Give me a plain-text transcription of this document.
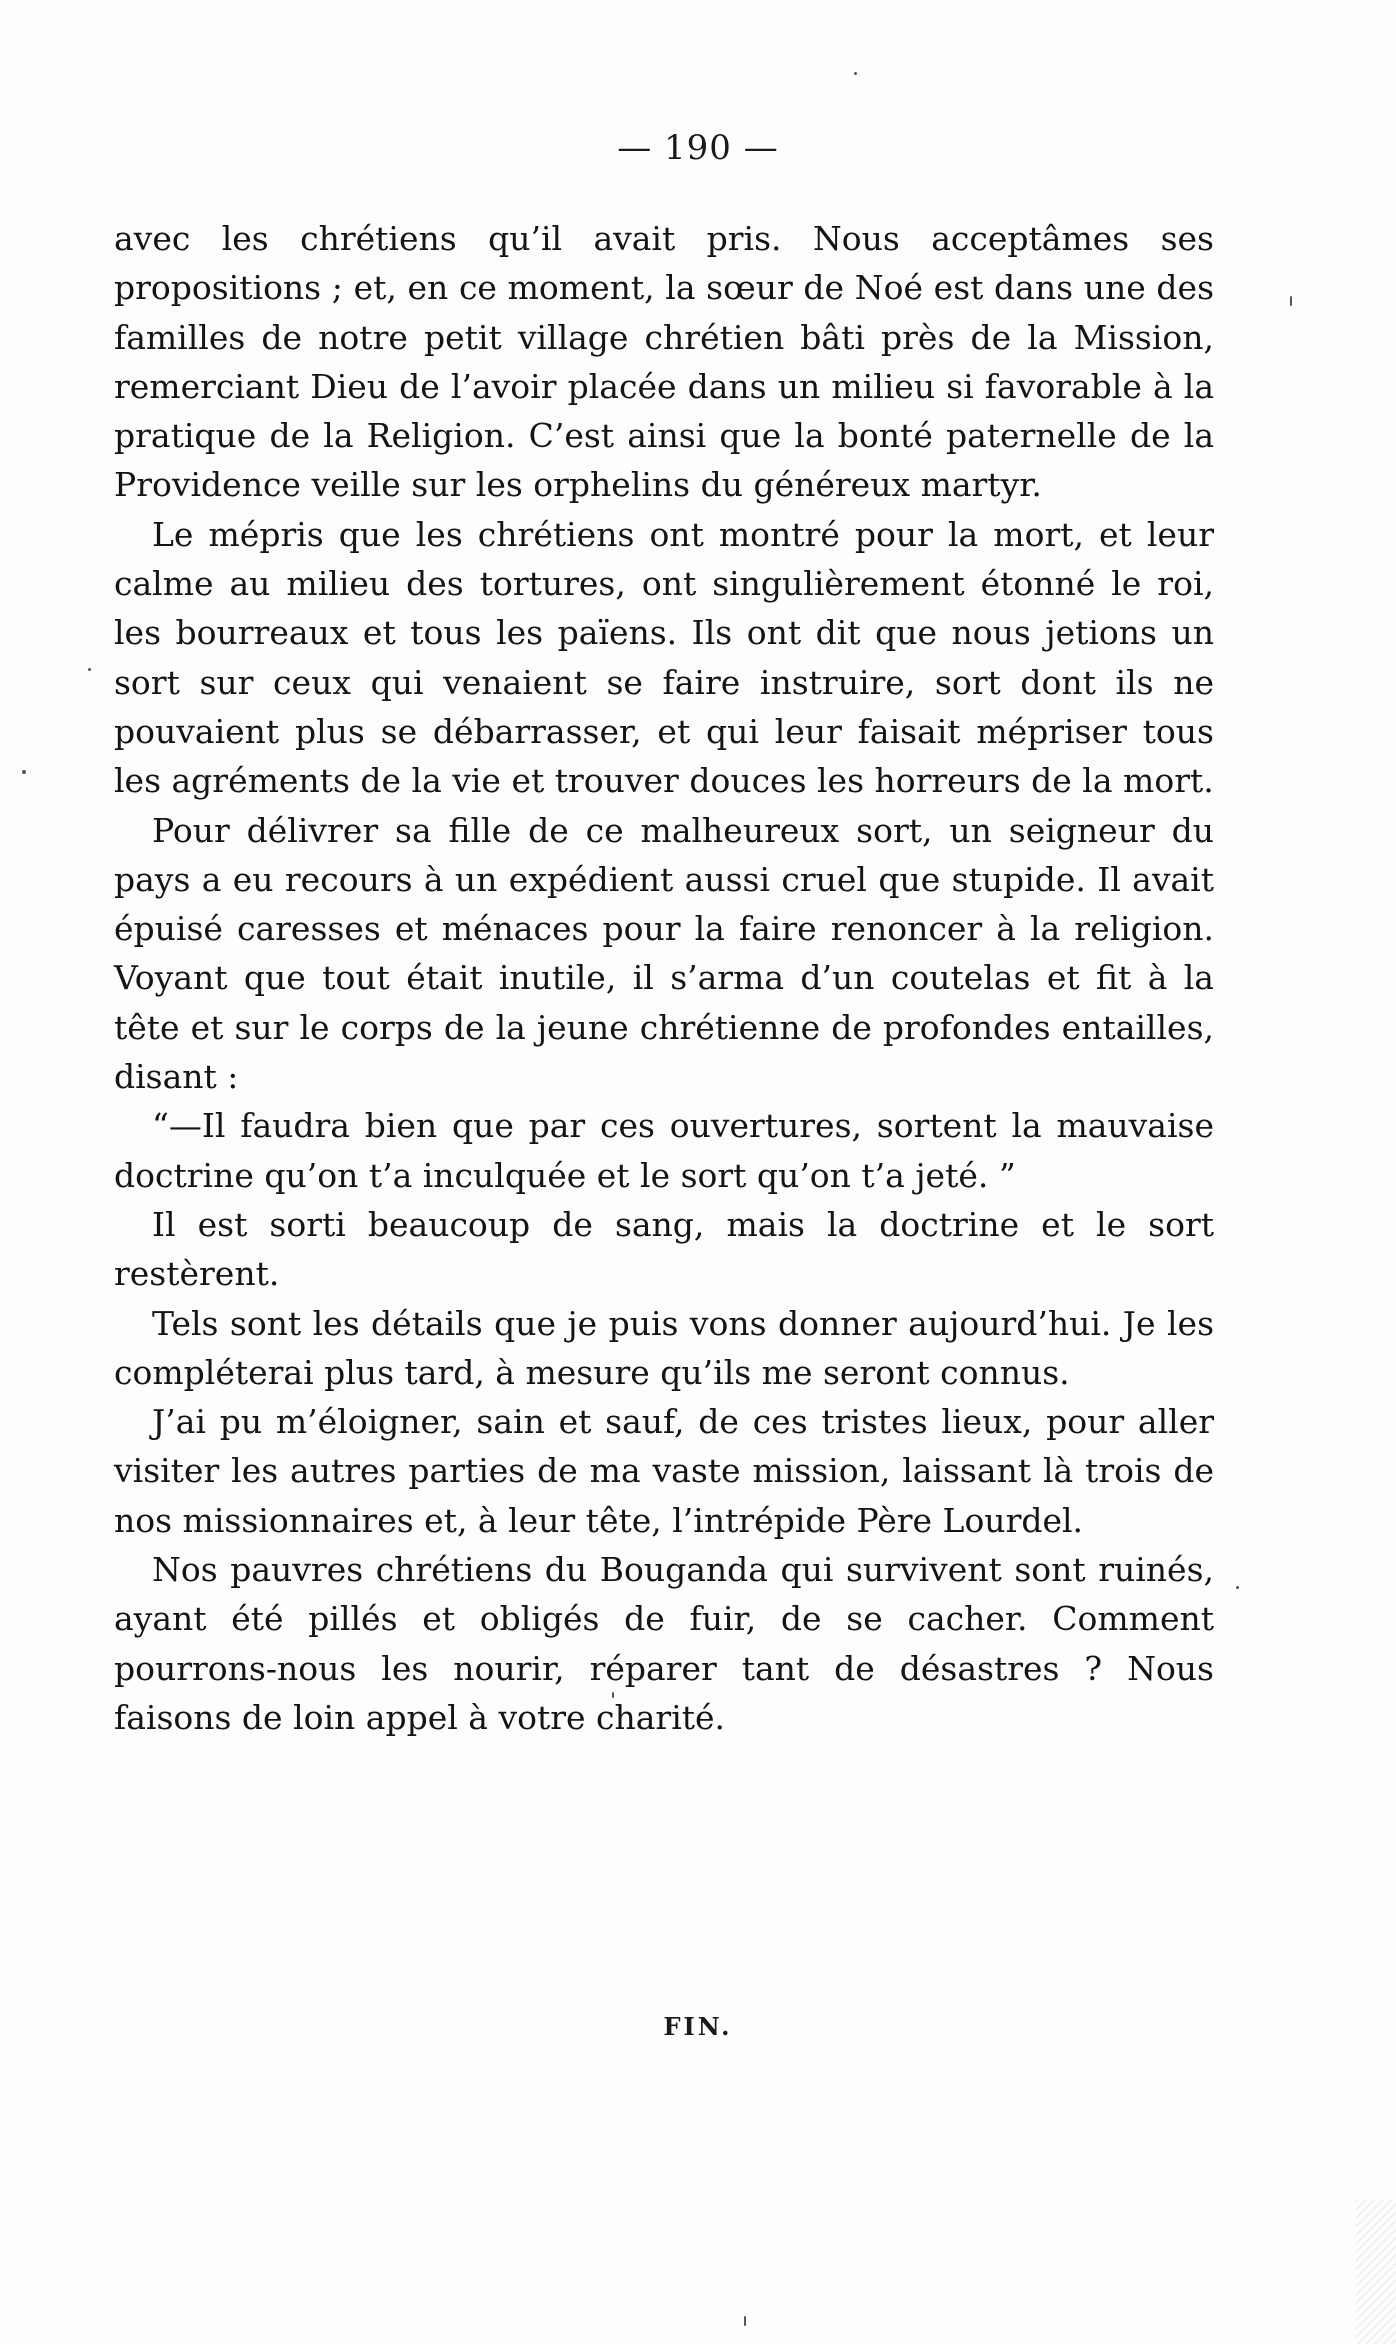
— 190 —

avec les chrétiens qu’il avait pris. Nous acceptâmes ses propositions ; et, en ce moment, la sœur de Noé est dans une des familles de notre petit village chrétien bâti près de la Mission, remerciant Dieu de l’avoir placée dans un milieu si favorable à la pratique de la Religion. C’est ainsi que la bonté paternelle de la Providence veille sur les orphelins du généreux martyr.

Le mépris que les chrétiens ont montré pour la mort, et leur calme au milieu des tortures, ont singulièrement étonné le roi, les bourreaux et tous les païens. Ils ont dit que nous jetions un sort sur ceux qui venaient se faire instruire, sort dont ils ne pouvaient plus se débarrasser, et qui leur faisait mépriser tous les agréments de la vie et trouver douces les horreurs de la mort.

Pour délivrer sa fille de ce malheureux sort, un seigneur du pays a eu recours à un expédient aussi cruel que stupide. Il avait épuisé caresses et ménaces pour la faire renoncer à la religion. Voyant que tout était inutile, il s’arma d’un coutelas et fit à la tête et sur le corps de la jeune chrétienne de profondes entailles, disant :

“—Il faudra bien que par ces ouvertures, sortent la mauvaise doctrine qu’on t’a inculquée et le sort qu’on t’a jeté. ”

Il est sorti beaucoup de sang, mais la doctrine et le sort restèrent.

Tels sont les détails que je puis vons donner aujourd’hui. Je les compléterai plus tard, à mesure qu’ils me seront connus.

J’ai pu m’éloigner, sain et sauf, de ces tristes lieux, pour aller visiter les autres parties de ma vaste mission, laissant là trois de nos missionnaires et, à leur tête, l’intrépide Père Lourdel.

Nos pauvres chrétiens du Bouganda qui survivent sont ruinés, ayant été pillés et obligés de fuir, de se cacher. Comment pourrons-nous les nourir, réparer tant de désastres ? Nous faisons de loin appel à votre charité.

FIN.
